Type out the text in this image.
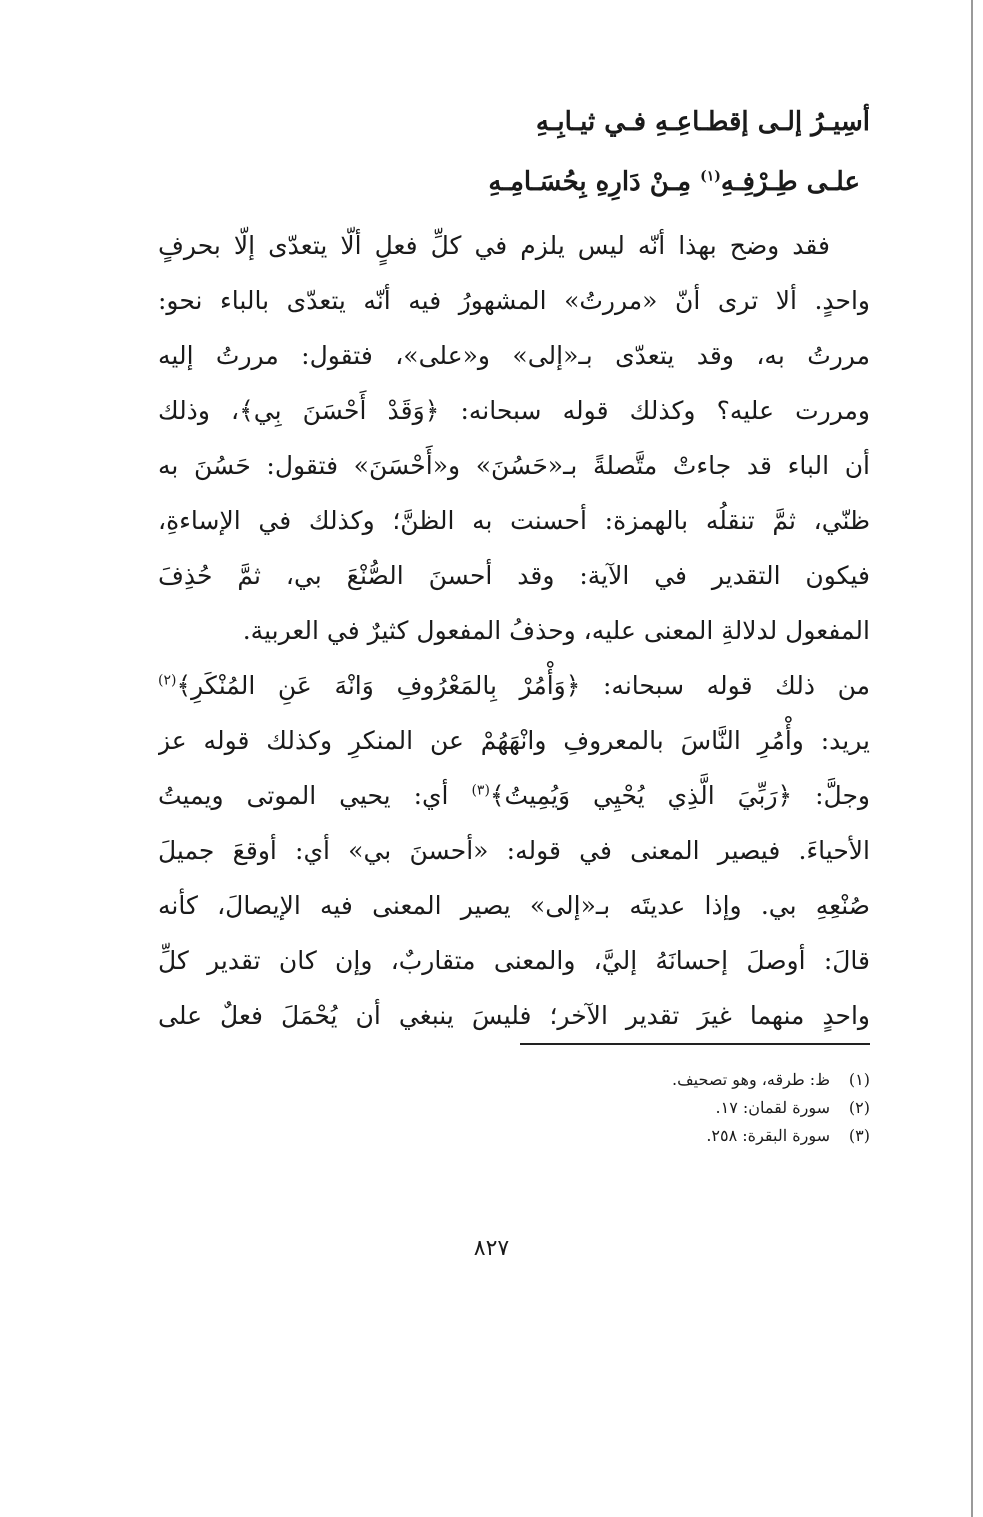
أسِيـرُ إلـى إقطـاعِـهِ فـي ثيـابِـهِ
علـى طِـرْفِـهِ$^{(١)}$ مِـنْ دَارِهِ بِحُسَـامِـهِ
فقد وضح بهذا أنّه ليس يلزم في كلِّ فعلٍ ألّا يتعدّى إلّا بحرفٍ
واحدٍ. ألا ترى أنّ «مررتُ» المشهورُ فيه أنّه يتعدّى بالباء نحو:
مررتُ به، وقد يتعدّى بـ«إلى» و«على»، فتقول: مررتُ إليه
ومررت عليه؟ وكذلك قوله سبحانه: ﴿وَقَدْ أَحْسَنَ بِي﴾، وذلك
أن الباء قد جاءتْ متَّصلةً بـ«حَسُنَ» و«أَحْسَنَ» فتقول: حَسُنَ به
ظنّي، ثمَّ تنقلُه بالهمزة: أحسنت به الظنَّ؛ وكذلك في الإساءةِ،
فيكون التقدير في الآية: وقد أحسنَ الصُّنْعَ بي، ثمَّ حُذِفَ
المفعول لدلالةِ المعنى عليه، وحذفُ المفعول كثيرٌ في العربية.
من ذلك قوله سبحانه: ﴿وَأْمُرْ بِالمَعْرُوفِ وَانْهَ عَنِ المُنْكَرِ﴾$^{(٢)}$
يريد: وأْمُرِ النَّاسَ بالمعروفِ وانْهَهُمْ عن المنكرِ وكذلك قوله عز
وجلَّ: ﴿رَبِّيَ الَّذِي يُحْيِي وَيُمِيتُ﴾$^{(٣)}$ أي: يحيي الموتى ويميتُ
الأحياءَ. فيصير المعنى في قوله: «أحسنَ بي» أي: أوقعَ جميلَ
صُنْعِهِ بي. وإذا عديتَه بـ«إلى» يصير المعنى فيه الإيصالَ، كأنه
قالَ: أوصلَ إحسانَهُ إليَّ، والمعنى متقاربٌ، وإن كان تقدير كلِّ
واحدٍ منهما غيرَ تقدير الآخر؛ فليسَ ينبغي أن يُحْمَلَ فعلٌ على
(١)ظ: طرقه، وهو تصحيف.
(٢)سورة لقمان: ١٧.
(٣)سورة البقرة: ٢٥٨.
٨٢٧
